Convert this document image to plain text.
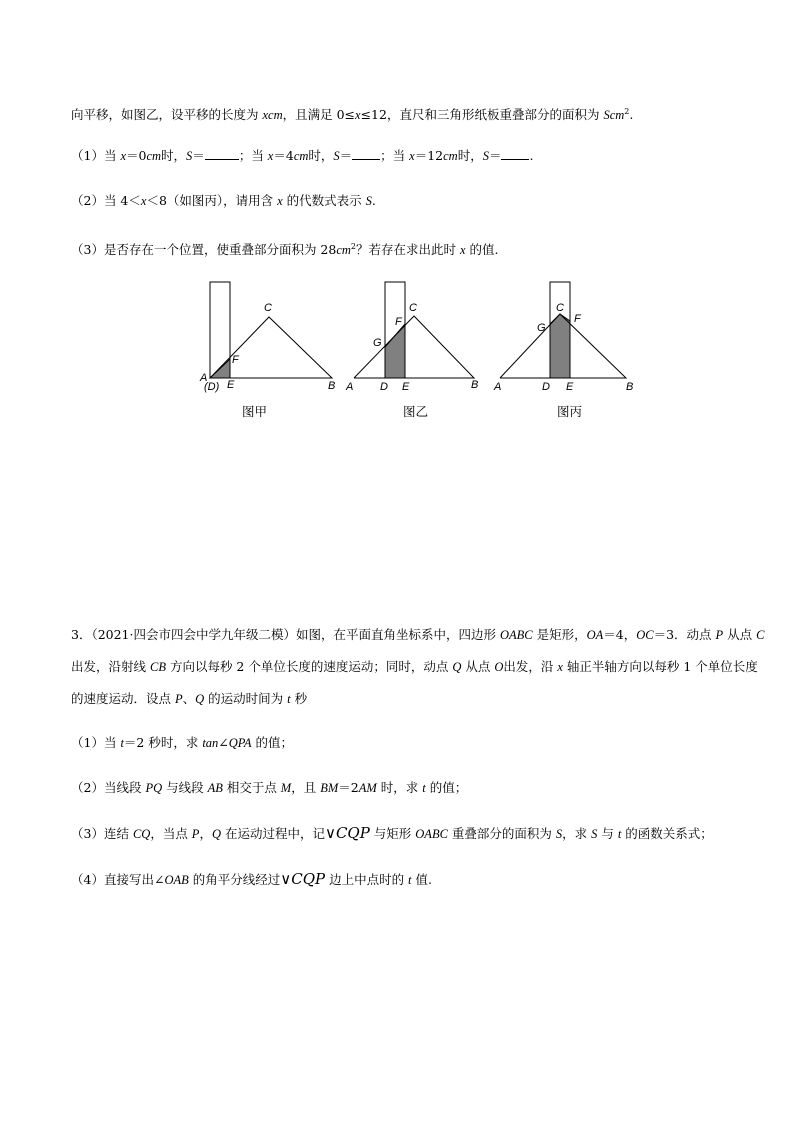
向平移，如图乙，设平移的长度为 xcm，且满足 0≤x≤12，直尺和三角形纸板重叠部分的面积为 Scm$^2$.
（1）当 x＝0cm时，S＝	；当 x＝4cm时，S＝ ；当 x＝12cm时，S＝ .
（2）当 4＜x＜8（如图丙），请用含 x 的代数式表示 S.
（3）是否存在一个位置，使重叠部分面积为 $28cm^2$？若存在求出此时 x 的值.
A
(D) E
F
C
B
图甲
A D E
F
G
C
B
图乙
A	D E
F
G
C
B
图丙
3．（2021·四会市四会中学九年级二模）如图，在平面直角坐标系中，四边形 OABC 是矩形，OA＝4，OC＝3．动点 P 从点 C
出发，沿射线 CB 方向以每秒 2 个单位长度的速度运动；同时，动点 Q 从点 O出发，沿 x 轴正半轴方向以每秒 1 个单位长度
的速度运动．设点 P、Q 的运动时间为 t 秒
（1）当 t＝2 秒时，求 tan∠QPA 的值；
（2）当线段 PQ 与线段 AB 相交于点 M，且 BM＝2AM 时，求 t 的值；
（3）连结 CQ，当点 P，Q 在运动过程中，记∨CQP 与矩形 OABC 重叠部分的面积为 S，求 S 与 t 的函数关系式；
（4）直接写出∠OAB 的角平分线经过∨CQP 边上中点时的 t 值.
